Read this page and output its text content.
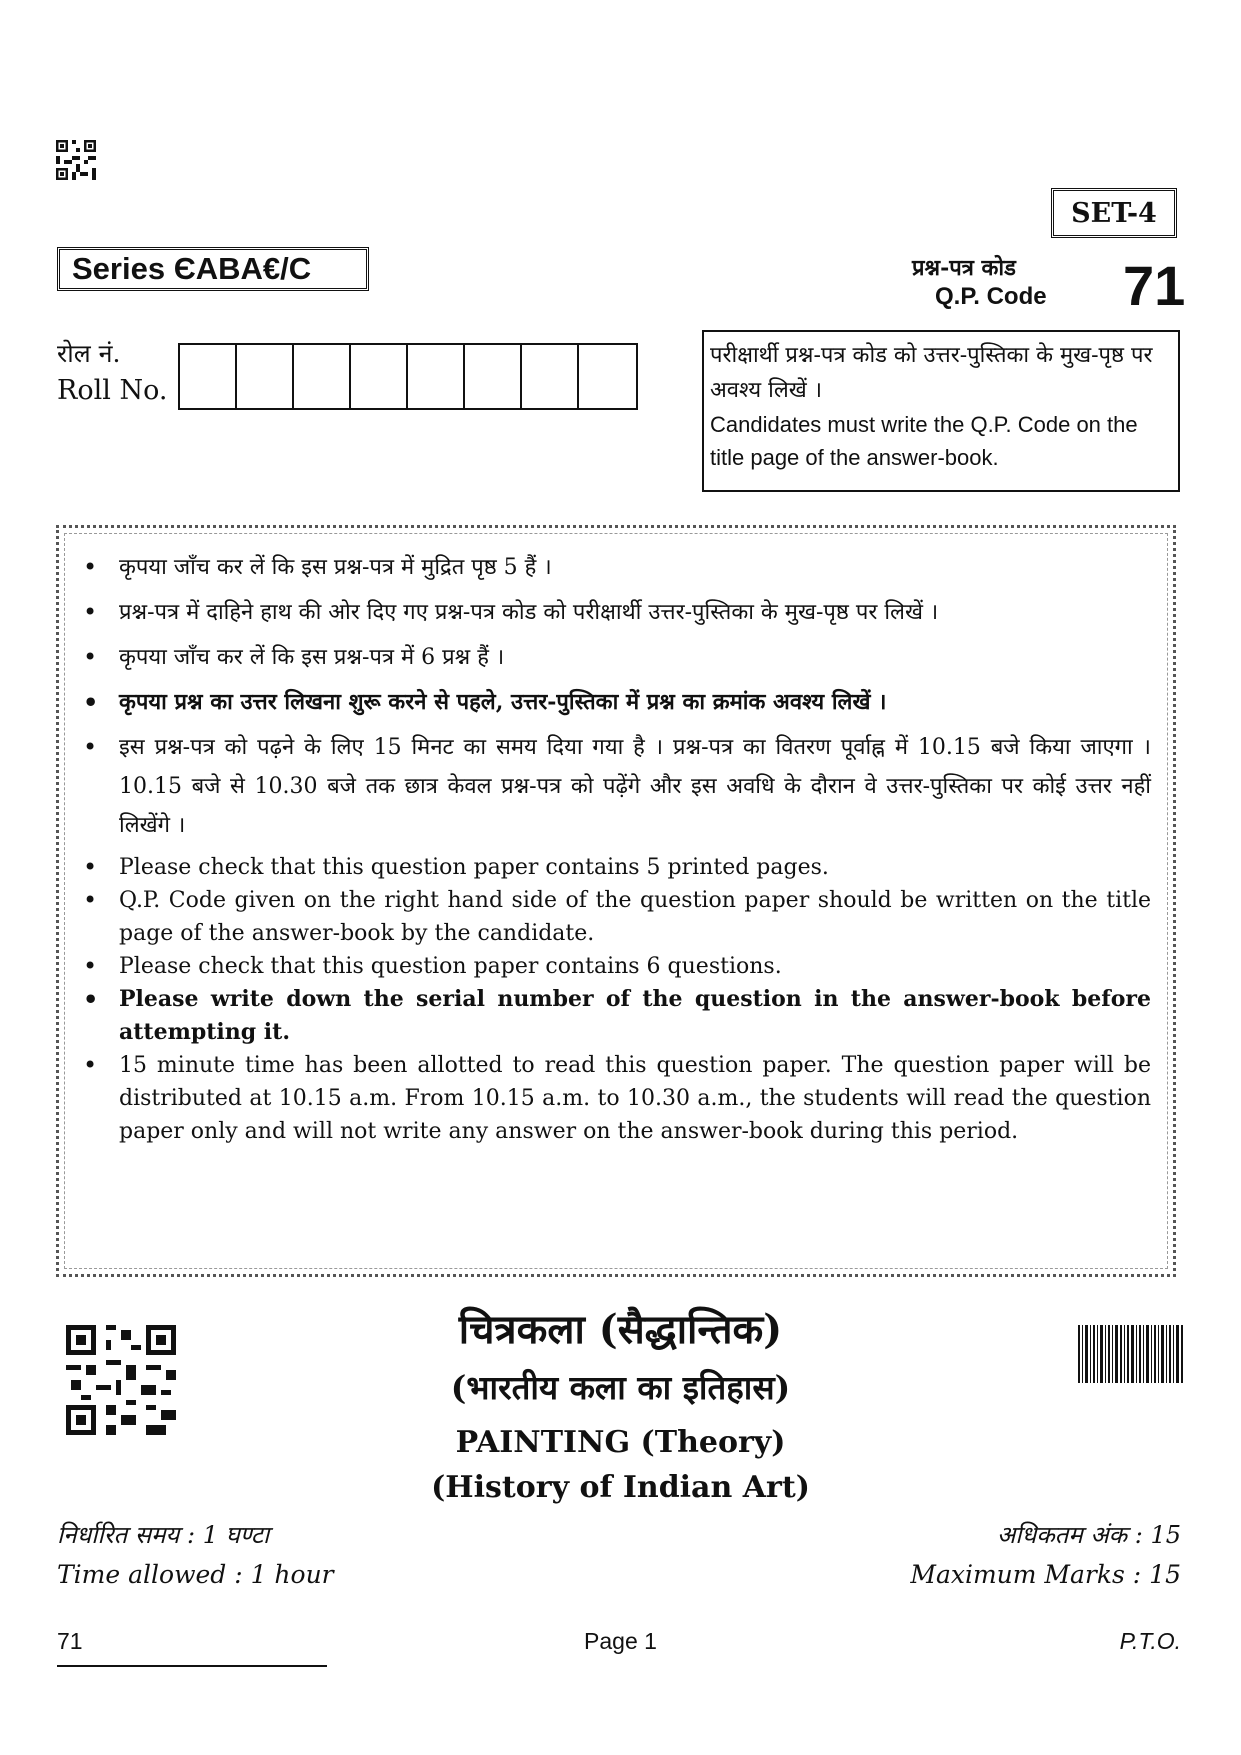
SET-4
Series ЄABA€/C	प्रश्न-पत्र कोड
Q.P. Code 71
रोल नं.
Roll No.
परीक्षार्थी प्रश्न-पत्र कोड को उत्तर-पुस्तिका के मुख-पृष्ठ पर अवश्य लिखें ।
Candidates must write the Q.P. Code on the title page of the answer-book.
• कृपया जाँच कर लें कि इस प्रश्न-पत्र में मुद्रित पृष्ठ 5 हैं ।
• प्रश्न-पत्र में दाहिने हाथ की ओर दिए गए प्रश्न-पत्र कोड को परीक्षार्थी उत्तर-पुस्तिका के मुख-पृष्ठ पर लिखें ।
• कृपया जाँच कर लें कि इस प्रश्न-पत्र में 6 प्रश्न हैं ।
• कृपया प्रश्न का उत्तर लिखना शुरू करने से पहले, उत्तर-पुस्तिका में प्रश्न का क्रमांक अवश्य लिखें ।
• इस प्रश्न-पत्र को पढ़ने के लिए 15 मिनट का समय दिया गया है । प्रश्न-पत्र का वितरण पूर्वाह्न में 10.15 बजे किया जाएगा । 10.15 बजे से 10.30 बजे तक छात्र केवल प्रश्न-पत्र को पढ़ेंगे और इस अवधि के दौरान वे उत्तर-पुस्तिका पर कोई उत्तर नहीं लिखेंगे ।
• Please check that this question paper contains 5 printed pages.
• Q.P. Code given on the right hand side of the question paper should be written on the title page of the answer-book by the candidate.
• Please check that this question paper contains 6 questions.
• Please write down the serial number of the question in the answer-book before attempting it.
• 15 minute time has been allotted to read this question paper. The question paper will be distributed at 10.15 a.m. From 10.15 a.m. to 10.30 a.m., the students will read the question paper only and will not write any answer on the answer-book during this period.
चित्रकला (सैद्धान्तिक)
(भारतीय कला का इतिहास)
PAINTING (Theory)
(History of Indian Art)
निर्धारित समय : 1 घण्टा
Time allowed : 1 hour
अधिकतम अंक : 15
Maximum Marks : 15
71	Page 1	P.T.O.
